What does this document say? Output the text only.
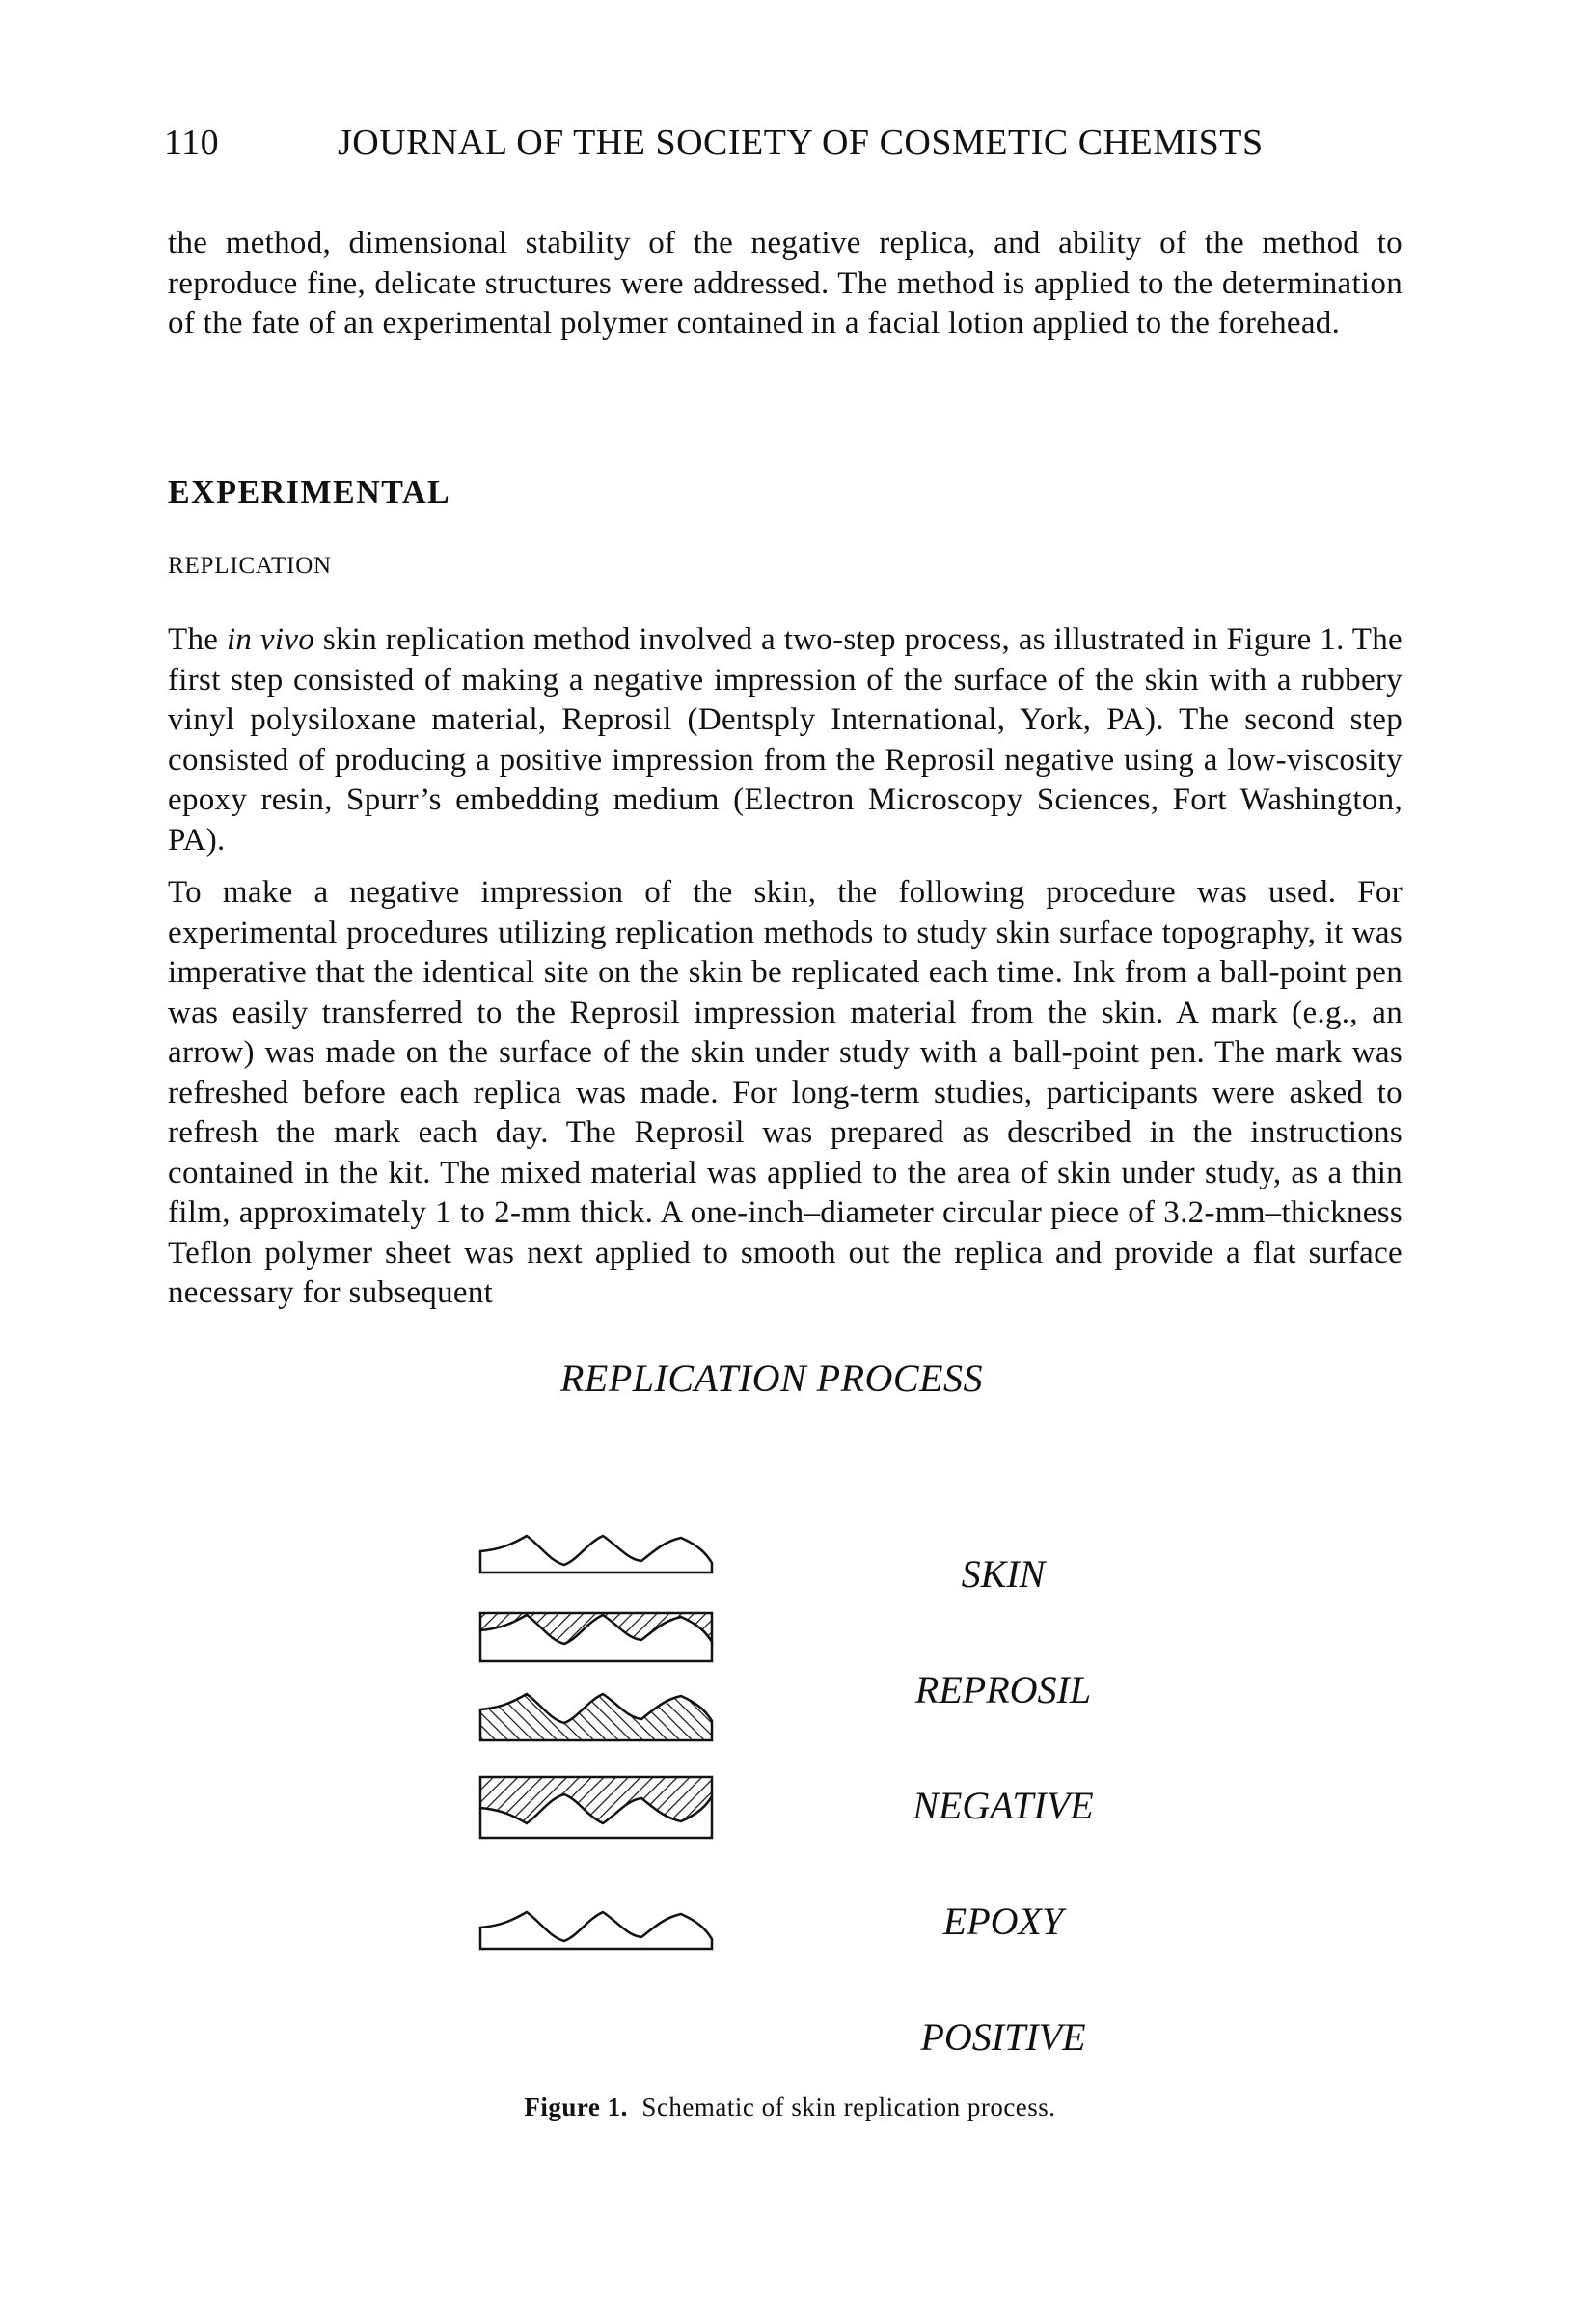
110	JOURNAL OF THE SOCIETY OF COSMETIC CHEMISTS

the method, dimensional stability of the negative replica, and ability of the method to reproduce fine, delicate structures were addressed. The method is applied to the determination of the fate of an experimental polymer contained in a facial lotion applied to the forehead.

EXPERIMENTAL
REPLICATION

The in vivo skin replication method involved a two-step process, as illustrated in Figure 1. The first step consisted of making a negative impression of the surface of the skin with a rubbery vinyl polysiloxane material, Reprosil (Dentsply International, York, PA). The second step consisted of producing a positive impression from the Reprosil negative using a low-viscosity epoxy resin, Spurr’s embedding medium (Electron Microscopy Sciences, Fort Washington, PA).

To make a negative impression of the skin, the following procedure was used. For experimental procedures utilizing replication methods to study skin surface topography, it was imperative that the identical site on the skin be replicated each time. Ink from a ball-point pen was easily transferred to the Reprosil impression material from the skin. A mark (e.g., an arrow) was made on the surface of the skin under study with a ball-point pen. The mark was refreshed before each replica was made. For long-term studies, participants were asked to refresh the mark each day. The Reprosil was prepared as described in the instructions contained in the kit. The mixed material was applied to the area of skin under study, as a thin film, approximately 1 to 2-mm thick. A one-inch–diameter circular piece of 3.2-mm–thickness Teflon polymer sheet was next applied to smooth out the replica and provide a flat surface necessary for subsequent

REPLICATION PROCESS
SKIN
REPROSIL
NEGATIVE
EPOXY
POSITIVE
Figure 1. Schematic of skin replication process.
